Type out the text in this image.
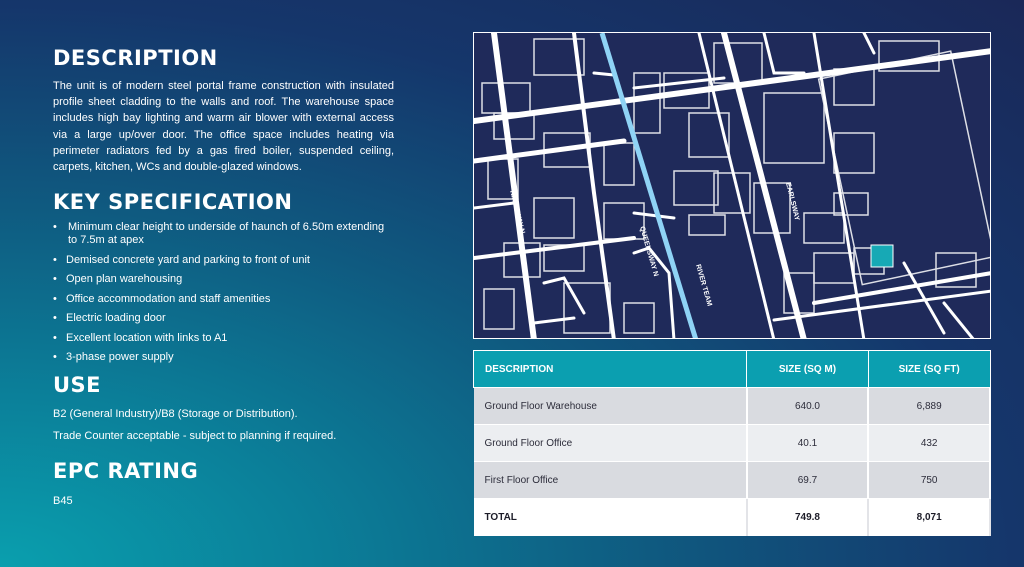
DESCRIPTION

The unit is of modern steel portal frame construction with insulated profile sheet cladding to the walls and roof. The warehouse space includes high bay lighting and warm air blower with external access via a large up/over door. The office space includes heating via perimeter radiators fed by a gas fired boiler, suspended ceiling, carpets, kitchen, WCs and double-glazed windows.

KEY SPECIFICATION
• Minimum clear height to underside of haunch of 6.50m extending to 7.5m at apex
• Demised concrete yard and parking to front of unit
• Open plan warehousing
• Office accommodation and staff amenities
• Electric loading door
• Excellent location with links to A1
• 3-phase power supply
USE
B2 (General Industry)/B8 (Storage or Distribution).
Trade Counter acceptable - subject to planning if required.
EPC RATING
B45
KINGSWAY N
QUEENSWAY N
RIVER TEAM
EARLSWAY
DESCRIPTION	SIZE (SQ M)	SIZE (SQ FT)
Ground Floor Warehouse	640.0	6,889
Ground Floor Office	40.1	432
First Floor Office	69.7	750
TOTAL	749.8	8,071
